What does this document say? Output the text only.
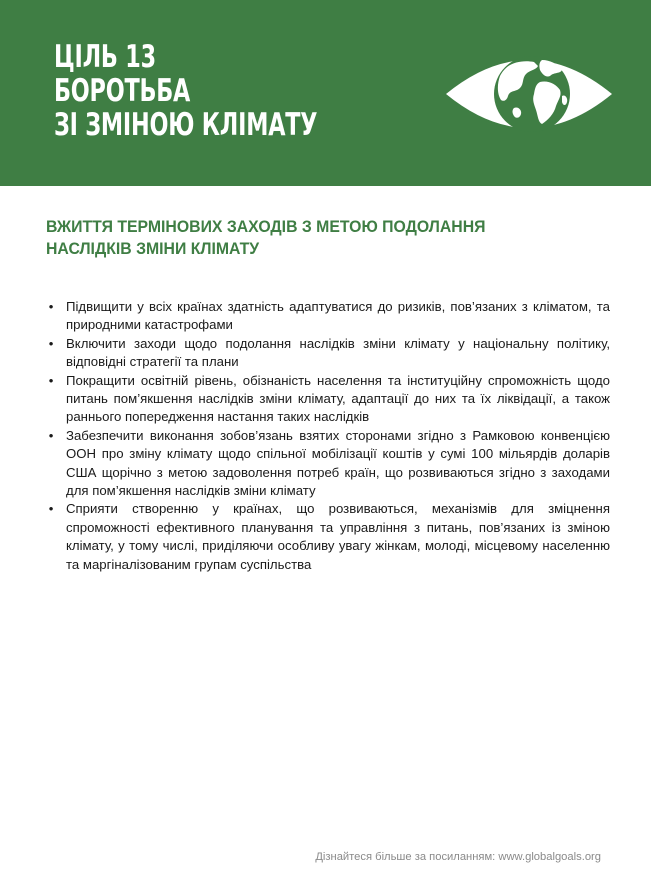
ЦІЛЬ 13
БОРОТЬБА
ЗІ ЗМІНОЮ КЛІМАТУ
ВЖИТТЯ ТЕРМІНОВИХ ЗАХОДІВ З МЕТОЮ ПОДОЛАННЯ НАСЛІДКІВ ЗМІНИ КЛІМАТУ
• Підвищити у всіх країнах здатність адаптуватися до ризиків, пов’язаних з кліматом, та природними катастрофами
• Включити заходи щодо подолання наслідків зміни клімату у національну політику, відповідні стратегії та плани
• Покращити освітній рівень, обізнаність населення та інституційну спроможність щодо питань пом’якшення наслідків зміни клімату, адаптації до них та їх ліквідації, а також раннього попередження настання таких наслідків
• Забезпечити виконання зобов’язань взятих сторонами згідно з Рамковою конвенцією ООН про зміну клімату щодо спільної мобілізації коштів у сумі 100 мільярдів доларів США щорічно з метою задоволення потреб країн, що розвиваються згідно з заходами для пом’якшення наслідків зміни клімату
• Сприяти створенню у країнах, що розвиваються, механізмів для зміцнення спроможності ефективного планування та управління з питань, пов’язаних із зміною клімату, у тому числі, приділяючи особливу увагу жінкам, молоді, місцевому населенню та маргіналізованим групам суспільства
Дізнайтеся більше за посиланням: www.globalgoals.org
